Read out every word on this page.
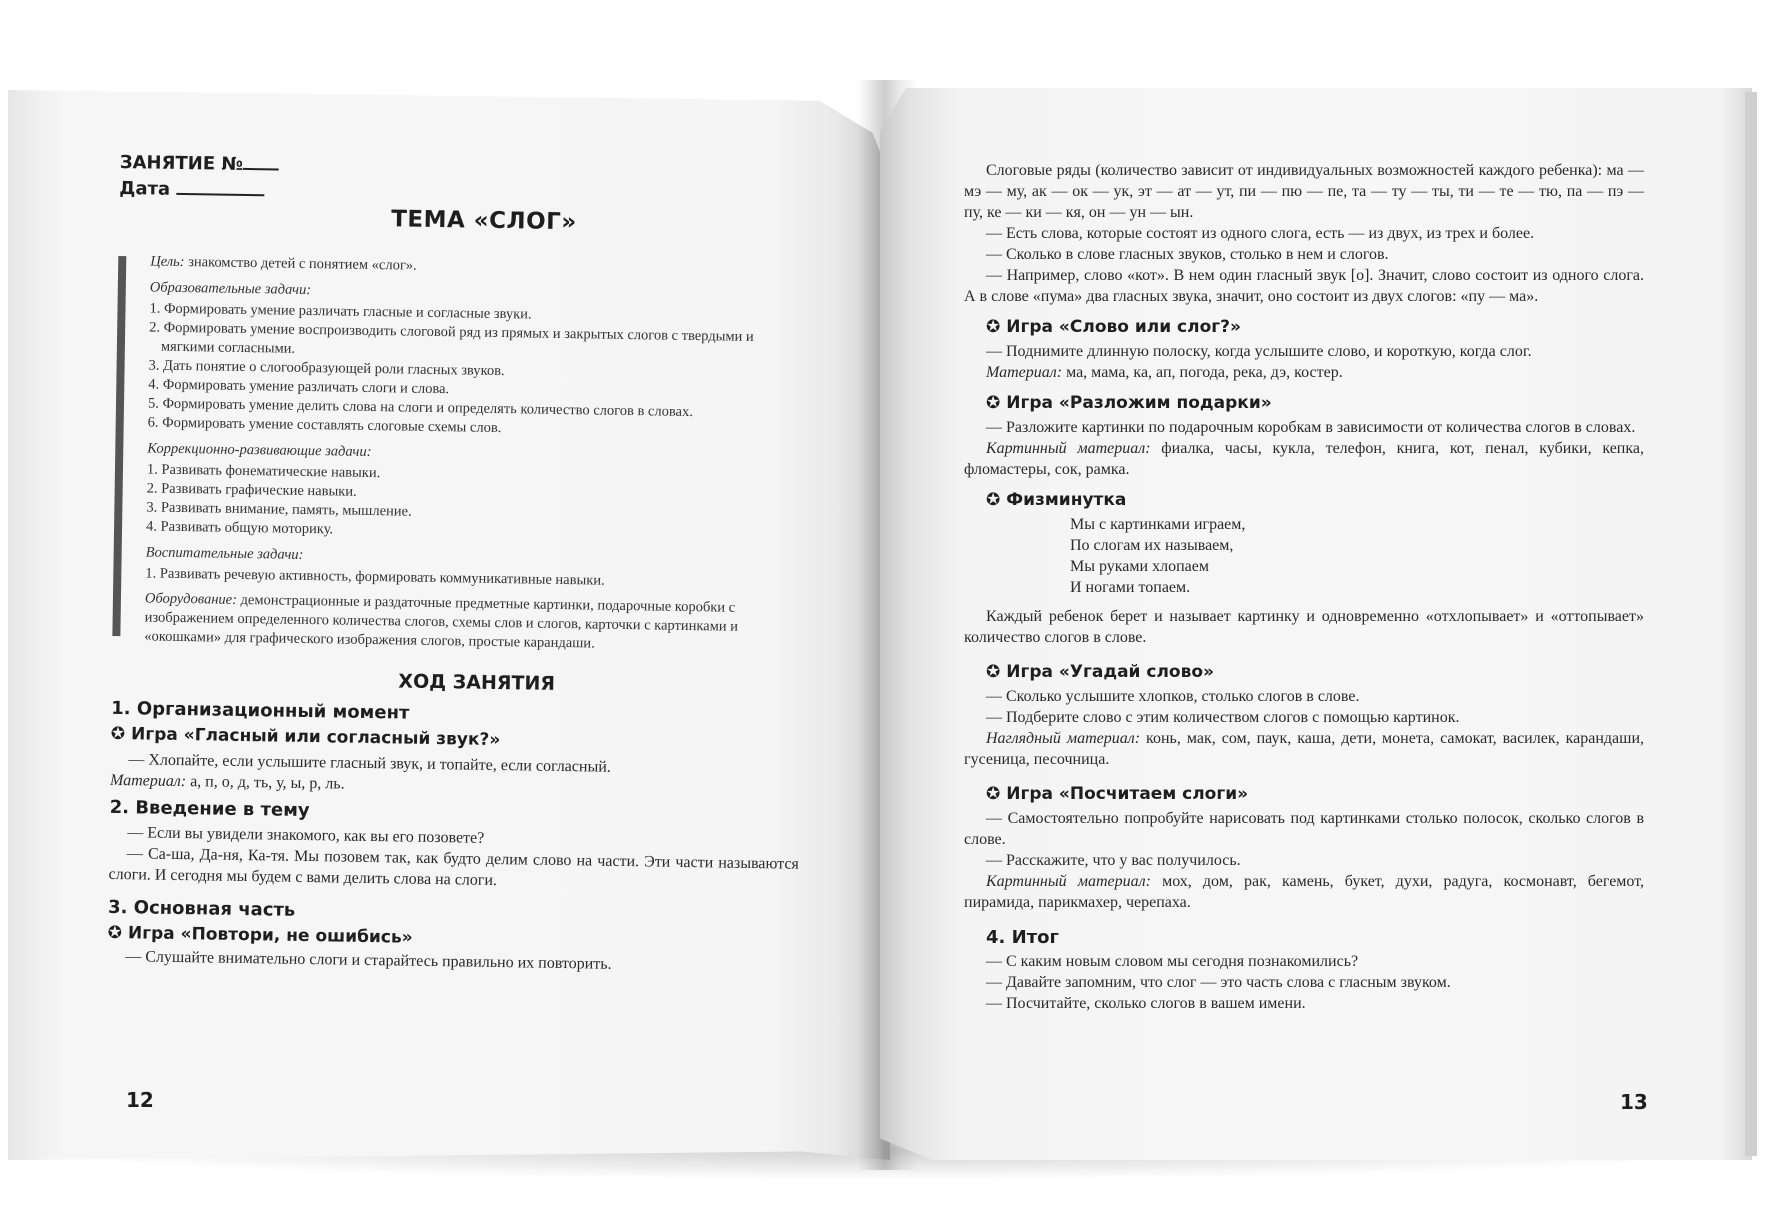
ЗАНЯТИЕ №
Дата
ТЕМА «СЛОГ»
Цель: знакомство детей с понятием «слог».
Образовательные задачи:
1. Формировать умение различать гласные и согласные звуки.
2. Формировать умение воспроизводить слоговой ряд из прямых и закрытых слогов с твердыми и мягкими согласными.
3. Дать понятие о слогообразующей роли гласных звуков.
4. Формировать умение различать слоги и слова.
5. Формировать умение делить слова на слоги и определять количество слогов в словах.
6. Формировать умение составлять слоговые схемы слов.
Коррекционно-развивающие задачи:
1. Развивать фонематические навыки.
2. Развивать графические навыки.
3. Развивать внимание, память, мышление.
4. Развивать общую моторику.
Воспитательные задачи:
1. Развивать речевую активность, формировать коммуникативные навыки.
Оборудование: демонстрационные и раздаточные предметные картинки, подарочные коробки с изображением определенного количества слогов, схемы слов и слогов, карточки с картинками и «окошками» для графического изображения слогов, простые карандаши.
ХОД ЗАНЯТИЯ
1. Организационный момент
✪ Игра «Гласный или согласный звук?»
— Хлопайте, если услышите гласный звук, и топайте, если согласный.
Материал: а, п, о, д, ть, у, ы, р, ль.
2. Введение в тему
— Если вы увидели знакомого, как вы его позовете?
— Са-ша, Да-ня, Ка-тя. Мы позовем так, как будто делим слово на части. Эти части называются слоги. И сегодня мы будем с вами делить слова на слоги.
3. Основная часть
✪ Игра «Повтори, не ошибись»
— Слушайте внимательно слоги и старайтесь правильно их повторить.
12
Слоговые ряды (количество зависит от индивидуальных возможностей каждого ребенка): ма — мэ — му, ак — ок — ук, эт — ат — ут, пи — пю — пе, та — ту — ты, ти — те — тю, па — пэ — пу, ке — ки — кя, он — ун — ын.
— Есть слова, которые состоят из одного слога, есть — из двух, из трех и более.
— Сколько в слове гласных звуков, столько в нем и слогов.
— Например, слово «кот». В нем один гласный звук [о]. Значит, слово состоит из одного слога. А в слове «пума» два гласных звука, значит, оно состоит из двух слогов: «пу — ма».
✪ Игра «Слово или слог?»
— Поднимите длинную полоску, когда услышите слово, и короткую, когда слог.
Материал: ма, мама, ка, ап, погода, река, дэ, костер.
✪ Игра «Разложим подарки»
— Разложите картинки по подарочным коробкам в зависимости от количества слогов в словах.
Картинный материал: фиалка, часы, кукла, телефон, книга, кот, пенал, кубики, кепка, фломастеры, сок, рамка.
✪ Физминутка
Мы с картинками играем,
По слогам их называем,
Мы руками хлопаем
И ногами топаем.
Каждый ребенок берет и называет картинку и одновременно «отхлопывает» и «оттопывает» количество слогов в слове.
✪ Игра «Угадай слово»
— Сколько услышите хлопков, столько слогов в слове.
— Подберите слово с этим количеством слогов с помощью картинок.
Наглядный материал: конь, мак, сом, паук, каша, дети, монета, самокат, василек, карандаши, гусеница, песочница.
✪ Игра «Посчитаем слоги»
— Самостоятельно попробуйте нарисовать под картинками столько полосок, сколько слогов в слове.
— Расскажите, что у вас получилось.
Картинный материал: мох, дом, рак, камень, букет, духи, радуга, космонавт, бегемот, пирамида, парикмахер, черепаха.
4. Итог
— С каким новым словом мы сегодня познакомились?
— Давайте запомним, что слог — это часть слова с гласным звуком.
— Посчитайте, сколько слогов в вашем имени.
13
